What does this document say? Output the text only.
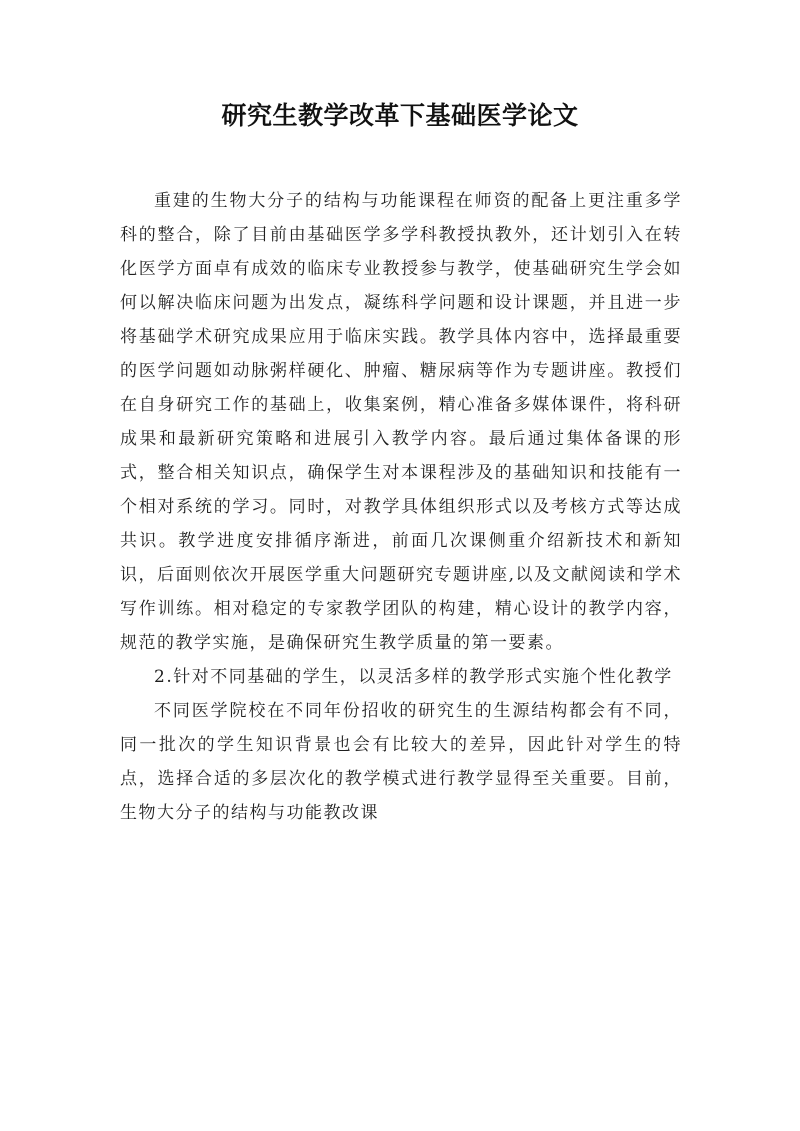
研究生教学改革下基础医学论文

重建的生物大分子的结构与功能课程在师资的配备上更注重多学科的整合，除了目前由基础医学多学科教授执教外，还计划引入在转化医学方面卓有成效的临床专业教授参与教学，使基础研究生学会如何以解决临床问题为出发点，凝练科学问题和设计课题，并且进一步将基础学术研究成果应用于临床实践。教学具体内容中，选择最重要的医学问题如动脉粥样硬化、肿瘤、糖尿病等作为专题讲座。教授们在自身研究工作的基础上，收集案例，精心准备多媒体课件，将科研成果和最新研究策略和进展引入教学内容。最后通过集体备课的形式，整合相关知识点，确保学生对本课程涉及的基础知识和技能有一个相对系统的学习。同时，对教学具体组织形式以及考核方式等达成共识。教学进度安排循序渐进，前面几次课侧重介绍新技术和新知识，后面则依次开展医学重大问题研究专题讲座,以及文献阅读和学术写作训练。相对稳定的专家教学团队的构建，精心设计的教学内容，规范的教学实施，是确保研究生教学质量的第一要素。

2.针对不同基础的学生，以灵活多样的教学形式实施个性化教学

不同医学院校在不同年份招收的研究生的生源结构都会有不同，同一批次的学生知识背景也会有比较大的差异，因此针对学生的特点，选择合适的多层次化的教学模式进行教学显得至关重要。目前，生物大分子的结构与功能教改课
